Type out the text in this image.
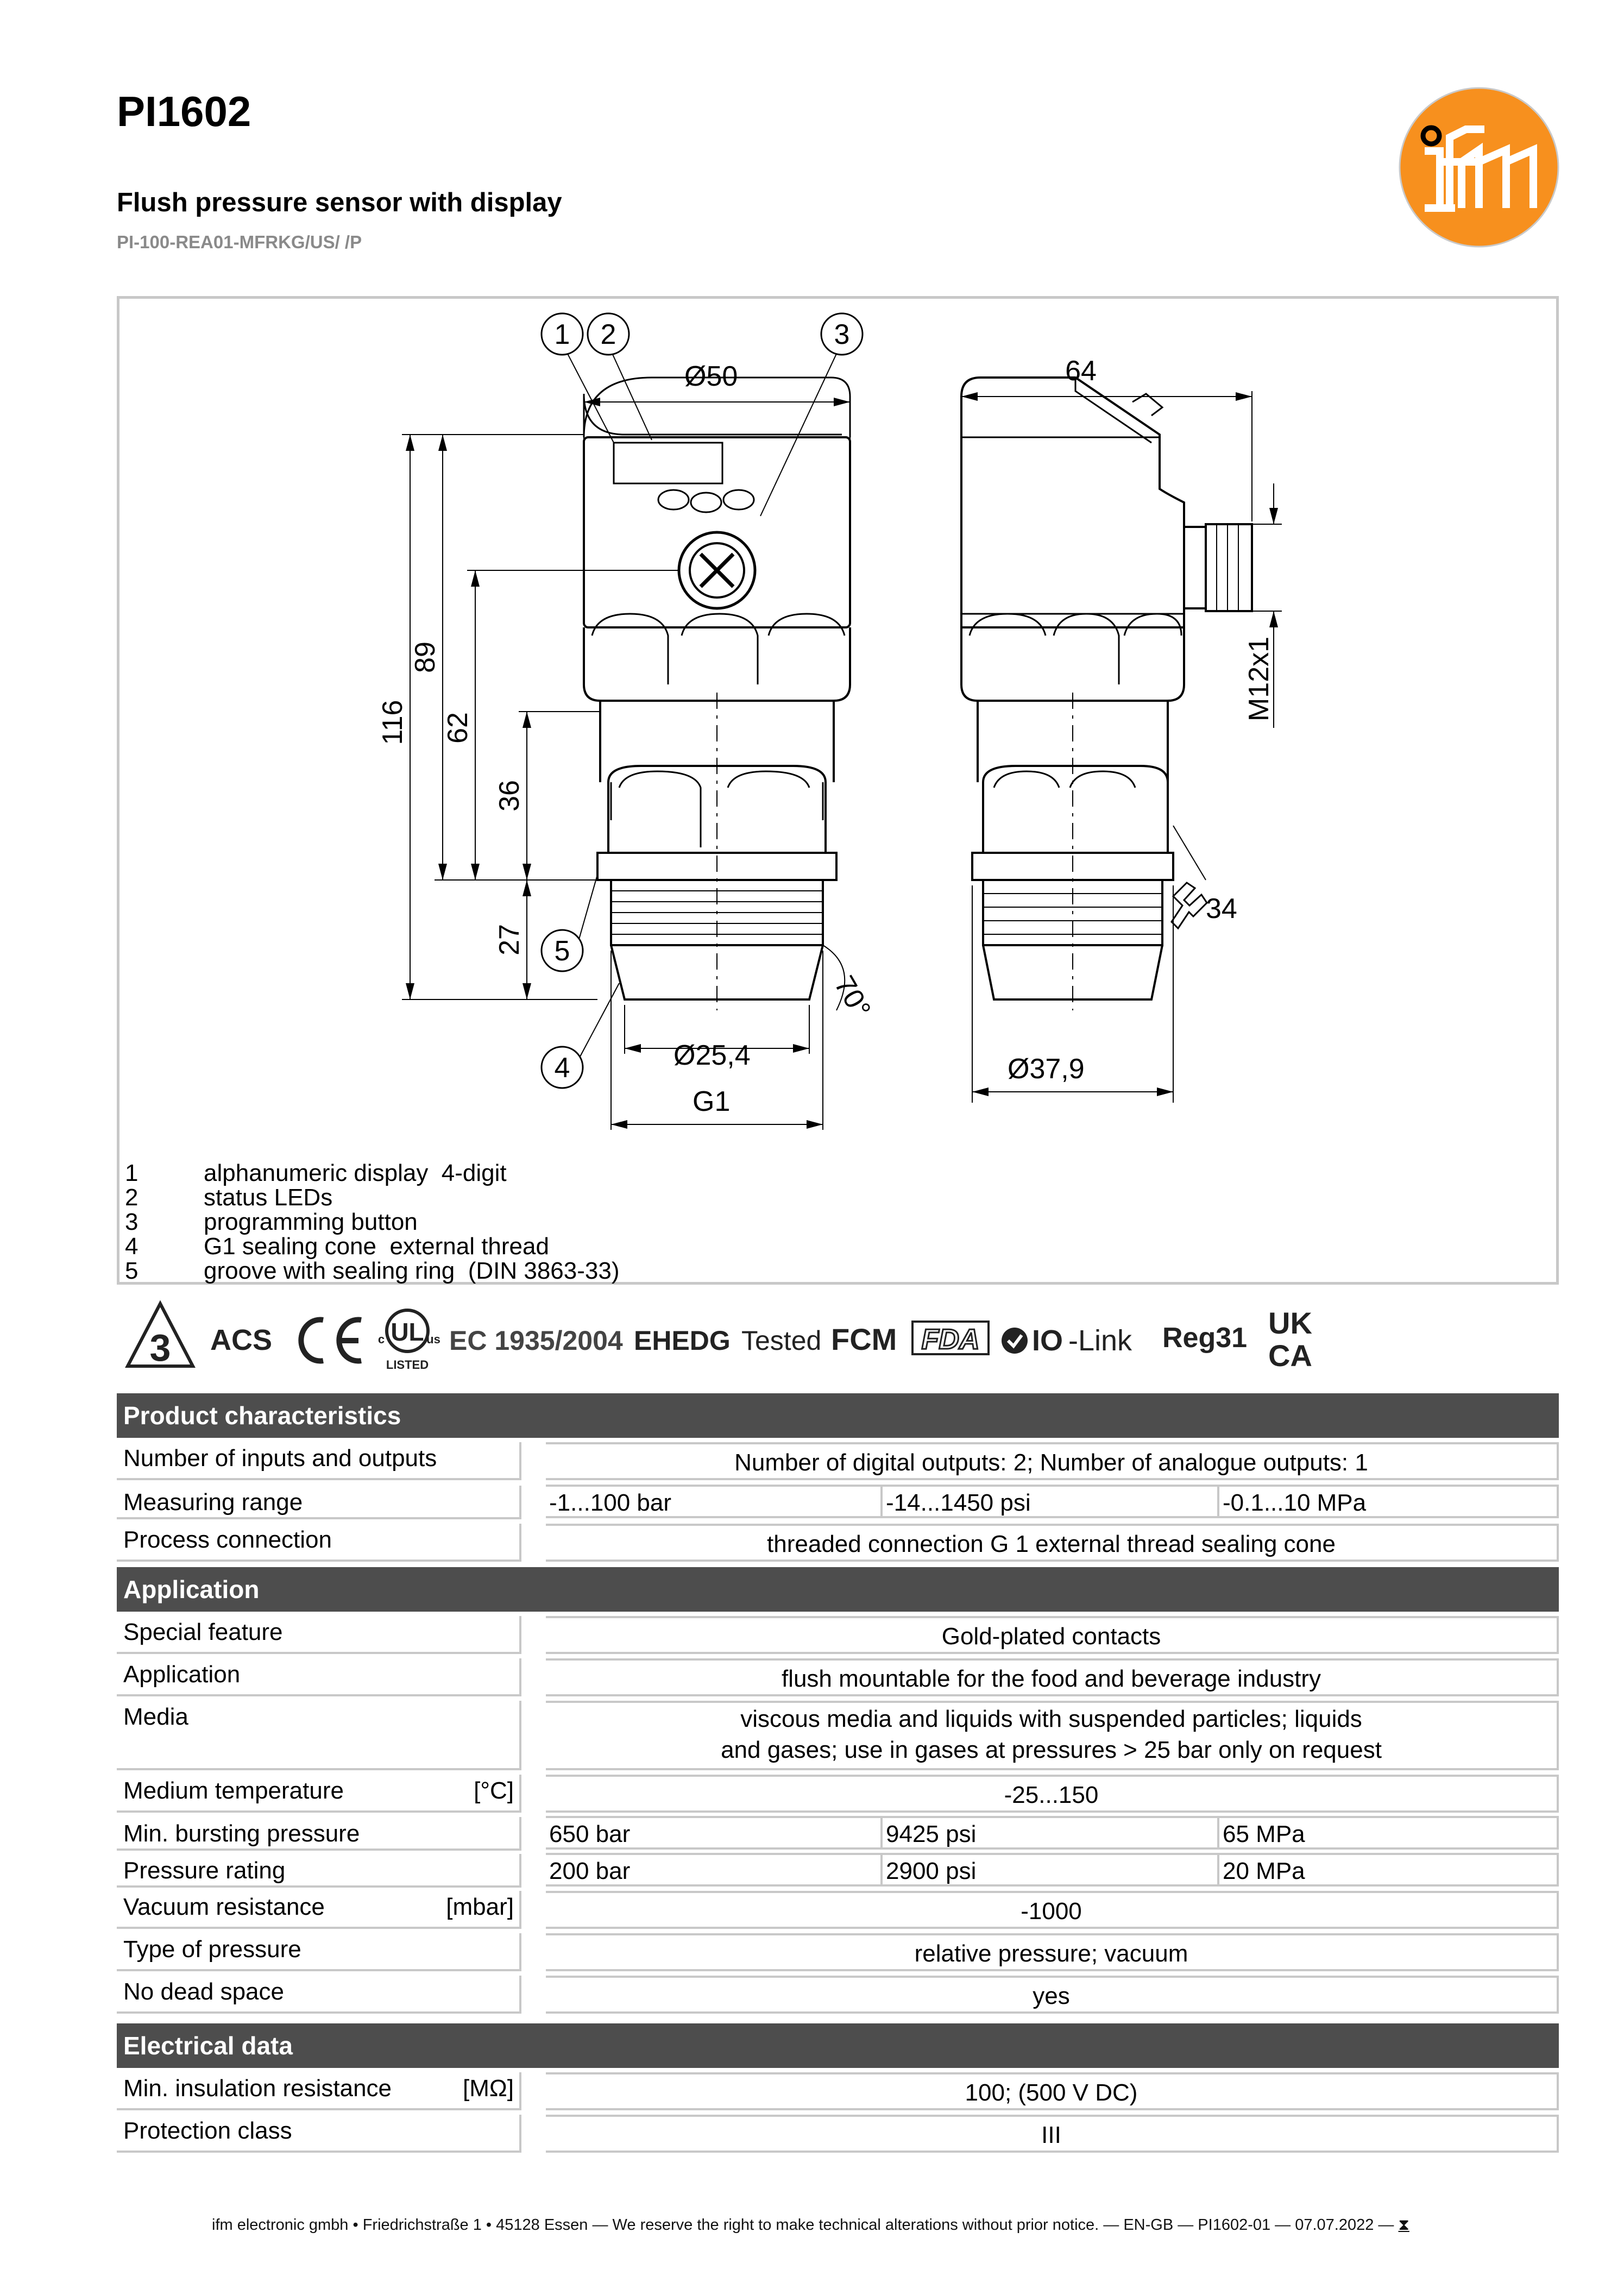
PI1602
Flush pressure sensor with display
PI-100-REA01-MFRKG/US/ /P	ifm
1 2	3
4
5
Ø50	64
116
89
62
36
27
M12x1
34
70°
Ø25,4
G1
Ø37,9
1	alphanumeric display  4-digit
2	status LEDs
3	programming button
4	G1 sealing cone  external thread
5	groove with sealing ring  (DIN 3863-33)
3 ACS
CE
UL
c	us
LISTED
EC 1935/2004 EHEDG Tested FCM FDA IO -Link Reg31 UK
CA
Product characteristics
Number of inputs and outputs	Number of digital outputs: 2; Number of analogue outputs: 1
Measuring range	-1...100 bar	-14...1450 psi	-0.1...10 MPa
Process connection	threaded connection G 1 external thread sealing cone
Application
Special feature	Gold-plated contacts
Application	flush mountable for the food and beverage industry
Media	viscous media and liquids with suspended particles; liquids
and gases; use in gases at pressures > 25 bar only on request
Medium temperature	[°C]	-25...150
Min. bursting pressure	650 bar	9425 psi	65 MPa
Pressure rating	200 bar	2900 psi	20 MPa
Vacuum resistance	[mbar]	-1000
Type of pressure	relative pressure; vacuum
No dead space	yes
Electrical data
Min. insulation resistance	[MΩ]	100; (500 V DC)
Protection class	III
ifm electronic gmbh • Friedrichstraße 1 • 45128 Essen — We reserve the right to make technical alterations without prior notice. — EN-GB — PI1602-01 — 07.07.2022 — ⧗
